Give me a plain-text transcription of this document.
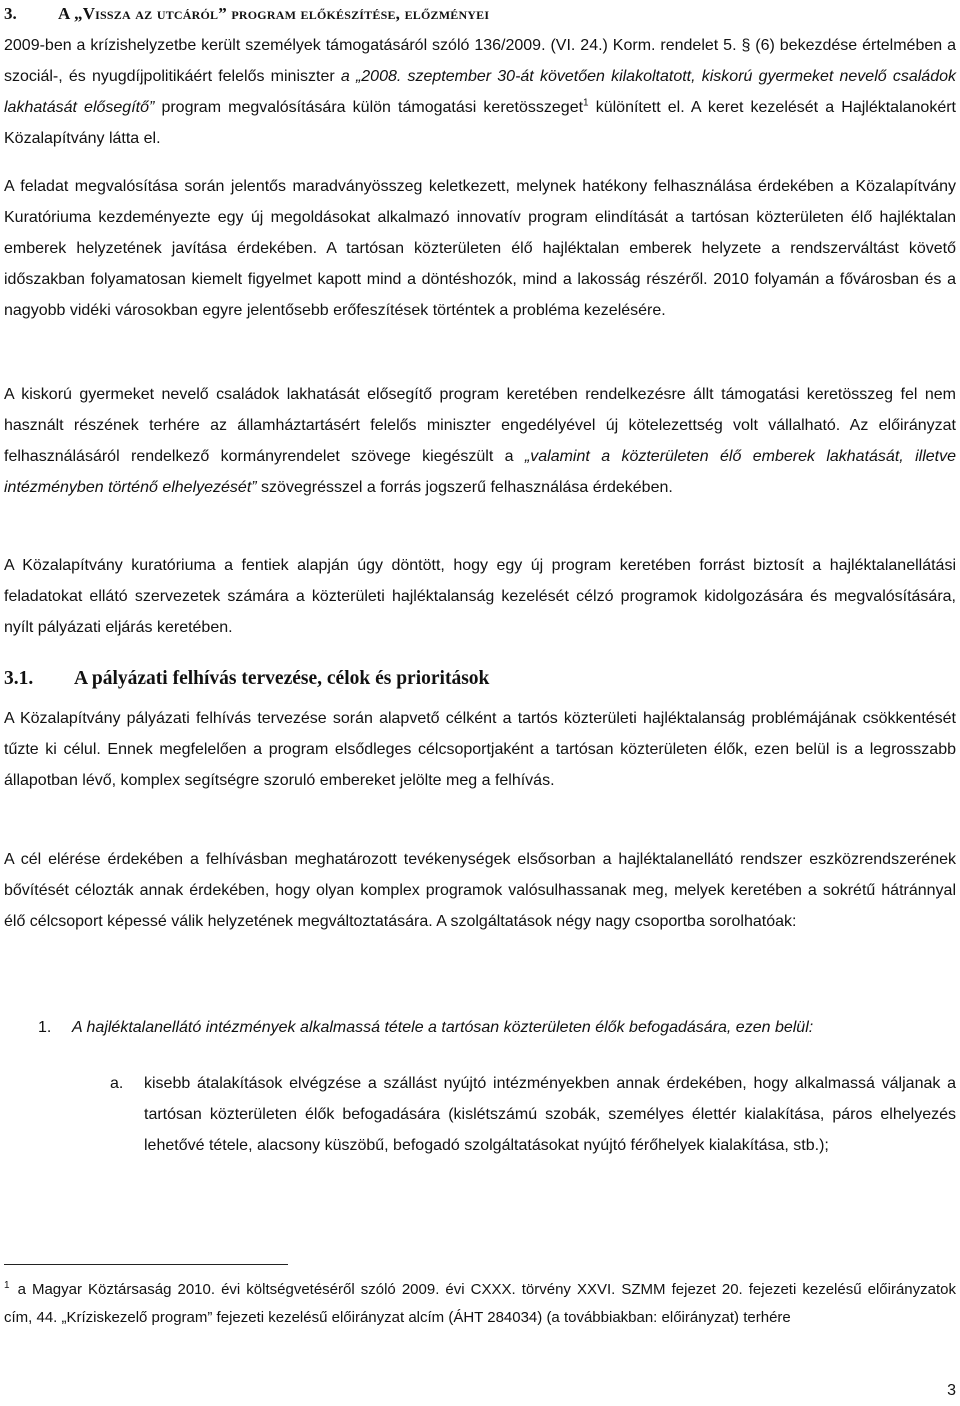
3. A „Vissza az utcáról” program előkészítése, előzményei
2009-ben a krízishelyzetbe került személyek támogatásáról szóló 136/2009. (VI. 24.) Korm. rendelet 5. § (6) bekezdése értelmében a szociál-, és nyugdíjpolitikáért felelős miniszter a „2008. szeptember 30-át követően kilakoltatott, kiskorú gyermeket nevelő családok lakhatását elősegítő” program megvalósítására külön támogatási keretösszeget$^1$ különített el. A keret kezelését a Hajléktalanokért Közalapítvány látta el.
A feladat megvalósítása során jelentős maradványösszeg keletkezett, melynek hatékony felhasználása érdekében a Közalapítvány Kuratóriuma kezdeményezte egy új megoldásokat alkalmazó innovatív program elindítását a tartósan közterületen élő hajléktalan emberek helyzetének javítása érdekében. A tartósan közterületen élő hajléktalan emberek helyzete a rendszerváltást követő időszakban folyamatosan kiemelt figyelmet kapott mind a döntéshozók, mind a lakosság részéről. 2010 folyamán a fővárosban és a nagyobb vidéki városokban egyre jelentősebb erőfeszítések történtek a probléma kezelésére.
A kiskorú gyermeket nevelő családok lakhatását elősegítő program keretében rendelkezésre állt támogatási keretösszeg fel nem használt részének terhére az államháztartásért felelős miniszter engedélyével új kötelezettség volt vállalható. Az előirányzat felhasználásáról rendelkező kormányrendelet szövege kiegészült a „valamint a közterületen élő emberek lakhatását, illetve intézményben történő elhelyezését” szövegrésszel a forrás jogszerű felhasználása érdekében.
A Közalapítvány kuratóriuma a fentiek alapján úgy döntött, hogy egy új program keretében forrást biztosít a hajléktalanellátási feladatokat ellátó szervezetek számára a közterületi hajléktalanság kezelését célzó programok kidolgozására és megvalósítására, nyílt pályázati eljárás keretében.
3.1. A pályázati felhívás tervezése, célok és prioritások
A Közalapítvány pályázati felhívás tervezése során alapvető célként a tartós közterületi hajléktalanság problémájának csökkentését tűzte ki célul. Ennek megfelelően a program elsődleges célcsoportjaként a tartósan közterületen élők, ezen belül is a legrosszabb állapotban lévő, komplex segítségre szoruló embereket jelölte meg a felhívás.
A cél elérése érdekében a felhívásban meghatározott tevékenységek elsősorban a hajléktalanellátó rendszer eszközrendszerének bővítését célozták annak érdekében, hogy olyan komplex programok valósulhassanak meg, melyek keretében a sokrétű hátránnyal élő célcsoport képessé válik helyzetének megváltoztatására. A szolgáltatások négy nagy csoportba sorolhatóak:
1. A hajléktalanellátó intézmények alkalmassá tétele a tartósan közterületen élők befogadására, ezen belül:
a. kisebb átalakítások elvégzése a szállást nyújtó intézményekben annak érdekében, hogy alkalmassá váljanak a tartósan közterületen élők befogadására (kislétszámú szobák, személyes élettér kialakítása, páros elhelyezés lehetővé tétele, alacsony küszöbű, befogadó szolgáltatásokat nyújtó férőhelyek kialakítása, stb.);
$^1$ a Magyar Köztársaság 2010. évi költségvetéséről szóló 2009. évi CXXX. törvény XXVI. SZMM fejezet 20. fejezeti kezelésű előirányzatok cím, 44. „Kríziskezelő program” fejezeti kezelésű előirányzat alcím (ÁHT 284034) (a továbbiakban: előirányzat) terhére
3
